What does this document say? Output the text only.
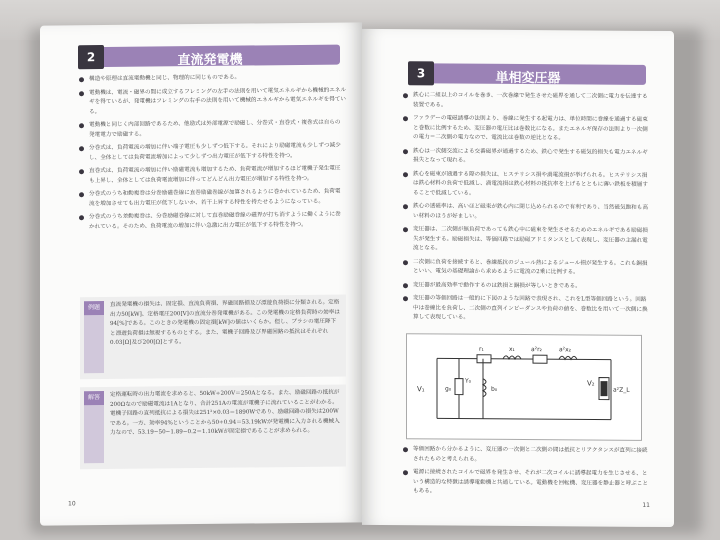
2	直流発電機
構造や原理は直流電動機と同じ、物理的に同じものである。
電動機は、電流・磁界の間に成立するフレミングの左手の法則を用いて電気エネルギから機械的エネルギを得ているが、発電機はフレミングの右手の法則を用いて機械的エネルギから電気エネルギを得ている。
電動機と同じく内部回路であるため、他励式は外部電源で励磁し、分巻式・直巻式・複巻式は自らの発電電力で励磁する。
分巻式は、負荷電流の増加に伴い端子電圧も少しずつ低下する。それにより励磁電流も少しずつ減少し、全体としては負荷電流増加によって少しずつ出力電圧が低下する特性を持つ。
直巻式は、負荷電流の増加に伴い励磁電流も増加するため、負荷電流が増加するほど電機子発生電圧も上昇し、全体としては負荷電流増加に伴ってどんどん出力電圧が増加する特性を持つ。
分巻式のうち和動複巻は分巻励磁巻線に直巻励磁巻線が加算されるように巻かれているため、負荷電流を増加させても出力電圧が低下しないか、若干上昇する特性を持たせるようになっている。
分巻式のうち差動複巻は、分巻励磁巻線に対して直巻励磁巻線の磁界が打ち消すように働くように巻かれている。そのため、負荷電流の増加に伴い急激に出力電圧が低下する特性を持つ。
例題	直流発電機の損失は、固定損、直流負荷損、界磁回路損及び漂遊負荷損に分類される。定格出力50[kW]、定格電圧200[V]の直流分巻発電機がある。この発電機の定格負荷時の効率は94[%]である。このときの発電機の固定損[kW]の値はいくらか。但し、ブラシの電圧降下と漂遊負荷損は無視するものとする。また、電機子回路及び界磁回路の抵抗はそれぞれ0.03[Ω]及び200[Ω]とする。
解答	定格運転時の出力電流を求めると、50kW÷200V＝250Aとなる。また、励磁回路の抵抗が200Ωなので励磁電流は1Aとなり、合計251Aの電流が電機子に流れていることがわかる。電機子回路の直列抵抗による損失は251²×0.03＝1890Wであり、励磁回路の損失は200Wである。一方、効率94%ということから50÷0.94＝53.19kWが発電機に入力される機械入力なので、53.19−50−1.89−0.2＝1.10kWが固定損であることが求められる。
10
3	単相変圧器
鉄心に二組以上のコイルを巻き、一次巻線で発生させた磁界を通して二次側に電力を伝達する装置である。
ファラデーの電磁誘導の法則より、巻線に発生する起電力は、単位時間に巻線を通過する磁束と巻数に比例するため、変圧器の電圧比は巻数比になる。またエネルギ保存の法則より一次側の電力＝二次側の電力なので、電流比は巻数の逆比となる。
鉄心は一次側交流による交番磁界が通過するため、鉄心で発生する磁気的損失も電力エネルギ損失となって現れる。
鉄心を磁束が通過する際の損失は、ヒステリシス損や渦電流損が挙げられる。ヒステリシス損は鉄心材料の負荷で低減し、渦電流損は鉄心材料の抵抗率を上げるとともに薄い鉄板を積層することで低減している。
鉄心の透磁率は、高いほど磁束が鉄心内に閉じ込められるので有利であり、当然磁気飽和も高い材料のほうが好ましい。
変圧器は、二次側が無負荷であっても鉄心中に磁束を発生させるためのエネルギである励磁損失が発生する。励磁損失は、等価回路では励磁アドミタンスとして表現し、変圧器の主漏れ電流となる。
二次側に負荷を接続すると、巻線抵抗のジュール熱によるジュール損が発生する。これも銅損といい、電気の基礎理論から求めるように電流の2乗に比例する。
変圧器が最高効率で動作するのは鉄損と銅損が等しいときである。
変圧器の等価回路は一般的に下図のような回路で表現され、これをL型等価回路という。回路中は巻線比を負荷し、二次側の直列インピーダンスや負荷の値を、巻数比を用いて一次側に換算して表現している。
V₁
V₂
r₁	x₁	a²r₂	a²x₂
g₀
Y₀
b₀	a²Z_L
等価回路から分かるように、変圧器の一次側と二次側の間は抵抗とリアクタンスが直列に接続されたものと考えられる。
電源に接続されたコイルで磁界を発生させ、それが二次コイルに誘導起電力を生じさせる、という構造的な特徴は誘導電動機と共通している。電動機を回転機、変圧器を静止器と呼ぶこともある。
11
